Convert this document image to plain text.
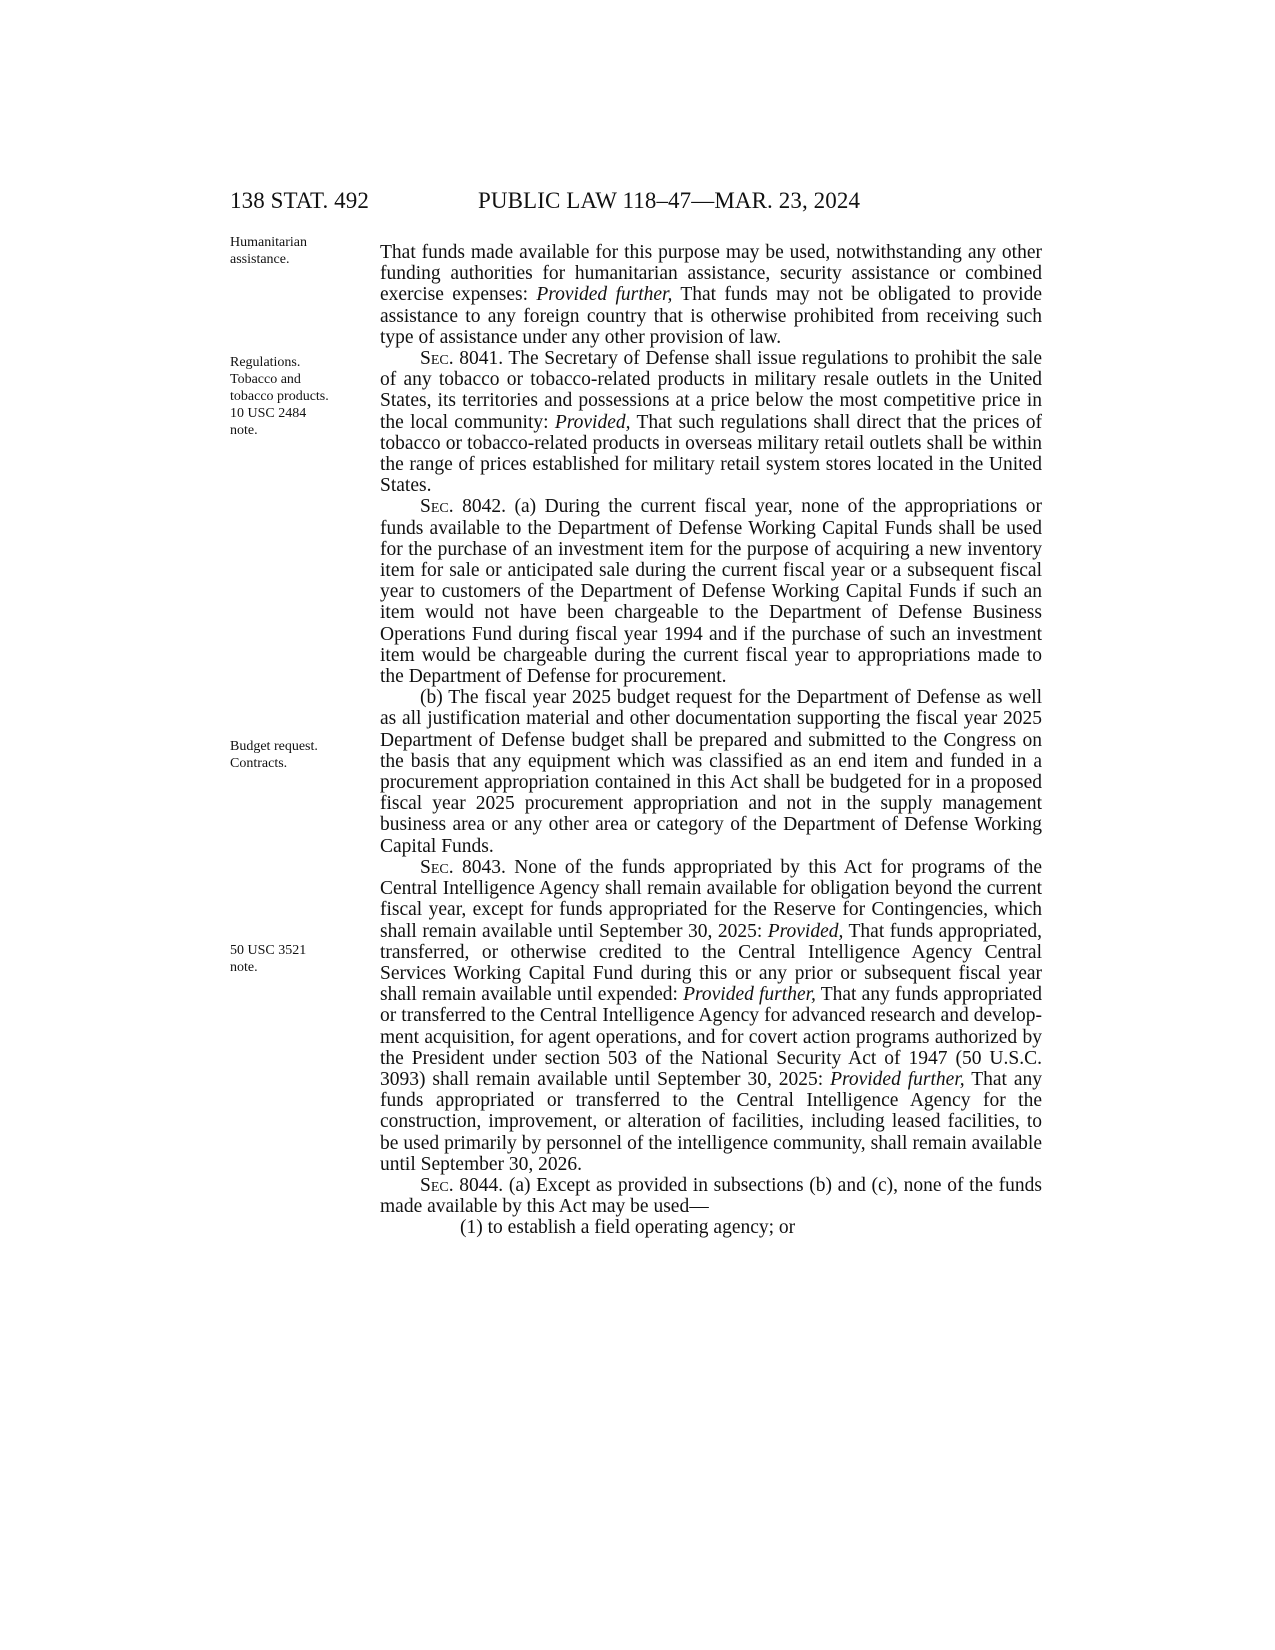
138 STAT. 492	PUBLIC LAW 118–47—MAR. 23, 2024
Humanitarian
assistance.
Regulations.
Tobacco and
tobacco products.
10 USC 2484
note.
Budget request.
Contracts.
50 USC 3521
note.

That funds made available for this purpose may be used, notwithstanding any other funding authorities for humanitarian assistance, security assistance or combined exercise expenses: Provided further, That funds may not be obligated to provide assistance to any foreign country that is otherwise prohibited from receiving such type of assistance under any other provision of law.

Sec. 8041. The Secretary of Defense shall issue regulations to prohibit the sale of any tobacco or tobacco-related products in military resale outlets in the United States, its territories and possessions at a price below the most competitive price in the local community: Provided, That such regulations shall direct that the prices of tobacco or tobacco-related products in overseas military retail outlets shall be within the range of prices established for military retail system stores located in the United States.

Sec. 8042. (a) During the current fiscal year, none of the appropriations or funds available to the Department of Defense Working Capital Funds shall be used for the purchase of an investment item for the purpose of acquiring a new inventory item for sale or anticipated sale during the current fiscal year or a subsequent fiscal year to customers of the Department of Defense Working Capital Funds if such an item would not have been chargeable to the Department of Defense Business Operations Fund during fiscal year 1994 and if the purchase of such an investment item would be chargeable during the current fiscal year to appropriations made to the Department of Defense for procurement.

(b) The fiscal year 2025 budget request for the Department of Defense as well as all justification material and other documentation supporting the fiscal year 2025 Department of Defense budget shall be prepared and submitted to the Congress on the basis that any equipment which was classified as an end item and funded in a procurement appropriation contained in this Act shall be budgeted for in a proposed fiscal year 2025 procurement appropriation and not in the supply management business area or any other area or category of the Department of Defense Working Capital Funds.

Sec. 8043. None of the funds appropriated by this Act for programs of the Central Intelligence Agency shall remain available for obligation beyond the current fiscal year, except for funds appropriated for the Reserve for Contingencies, which shall remain available until September 30, 2025: Provided, That funds appropriated, transferred, or otherwise credited to the Central Intelligence Agency Central Services Working Capital Fund during this or any prior or subsequent fiscal year shall remain available until expended: Provided further, That any funds appropriated or transferred to the Central Intelligence Agency for advanced research and development acquisition, for agent operations, and for covert action programs authorized by the President under section 503 of the National Security Act of 1947 (50 U.S.C. 3093) shall remain available until September 30, 2025: Provided further, That any funds appropriated or transferred to the Central Intelligence Agency for the construction, improvement, or alteration of facilities, including leased facilities, to be used primarily by personnel of the intelligence community, shall remain available until September 30, 2026.

Sec. 8044. (a) Except as provided in subsections (b) and (c), none of the funds made available by this Act may be used—

(1) to establish a field operating agency; or
